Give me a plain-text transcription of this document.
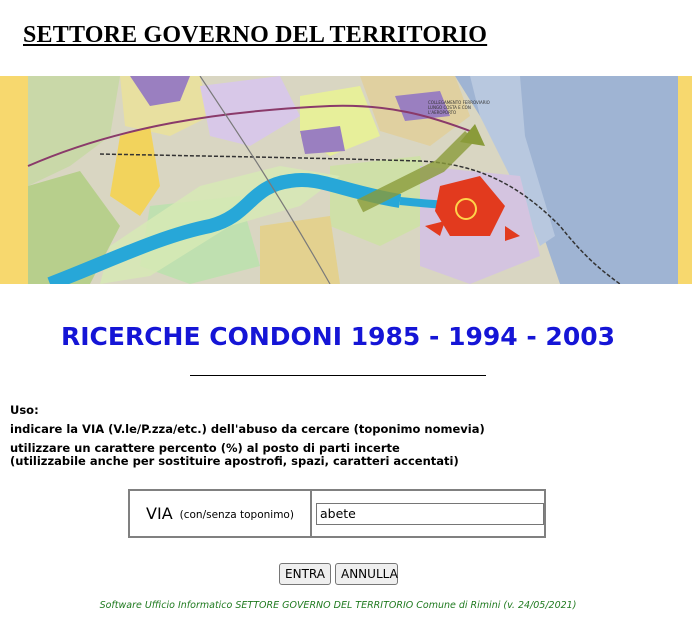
SETTORE GOVERNO DEL TERRITORIO
COLLEGAMENTO FERROVIARIO
LUNGO COSTA E CON
L'AEROPORTO
RICERCHE CONDONI 1985 - 1994 - 2003
Uso:
indicare la VIA (V.le/P.zza/etc.) dell'abuso da cercare (toponimo nomevia)
utilizzare un carattere percento (%) al posto di parti incerte
(utilizzabile anche per sostituire apostrofi, spazi, caratteri accentati)
VIA (con/senza toponimo)
abete
ENTRA	ANNULLA
Software Ufficio Informatico SETTORE GOVERNO DEL TERRITORIO Comune di Rimini (v. 24/05/2021)
